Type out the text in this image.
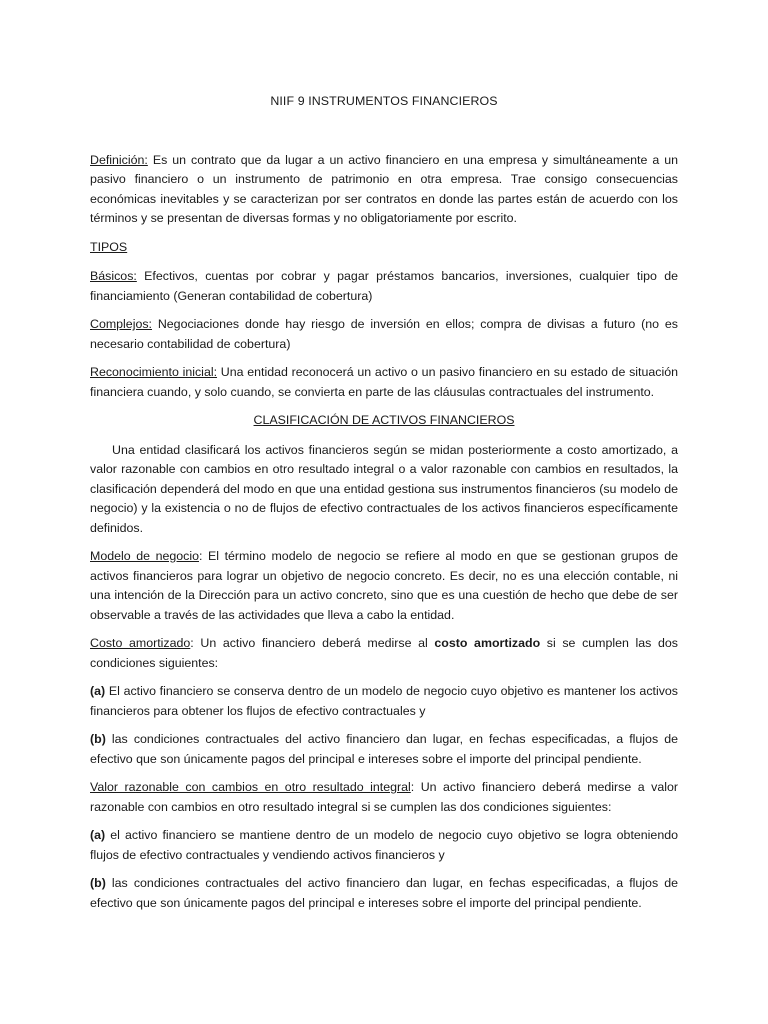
NIIF 9 INSTRUMENTOS FINANCIEROS

Definición: Es un contrato que da lugar a un activo financiero en una empresa y simultáneamente a un pasivo financiero o un instrumento de patrimonio en otra empresa. Trae consigo consecuencias económicas inevitables y se caracterizan por ser contratos en donde las partes están de acuerdo con los términos y se presentan de diversas formas y no obligatoriamente por escrito.

TIPOS

Básicos: Efectivos, cuentas por cobrar y pagar préstamos bancarios, inversiones, cualquier tipo de financiamiento (Generan contabilidad de cobertura)

Complejos: Negociaciones donde hay riesgo de inversión en ellos; compra de divisas a futuro (no es necesario contabilidad de cobertura)

Reconocimiento inicial: Una entidad reconocerá un activo o un pasivo financiero en su estado de situación financiera cuando, y solo cuando, se convierta en parte de las cláusulas contractuales del instrumento.

CLASIFICACIÓN DE ACTIVOS FINANCIEROS

Una entidad clasificará los activos financieros según se midan posteriormente a costo amortizado, a valor razonable con cambios en otro resultado integral o a valor razonable con cambios en resultados, la clasificación dependerá del modo en que una entidad gestiona sus instrumentos financieros (su modelo de negocio) y la existencia o no de flujos de efectivo contractuales de los activos financieros específicamente definidos.

Modelo de negocio: El término modelo de negocio se refiere al modo en que se gestionan grupos de activos financieros para lograr un objetivo de negocio concreto. Es decir, no es una elección contable, ni una intención de la Dirección para un activo concreto, sino que es una cuestión de hecho que debe de ser observable a través de las actividades que lleva a cabo la entidad.

Costo amortizado: Un activo financiero deberá medirse al costo amortizado si se cumplen las dos condiciones siguientes:

(a) El activo financiero se conserva dentro de un modelo de negocio cuyo objetivo es mantener los activos financieros para obtener los flujos de efectivo contractuales y

(b) las condiciones contractuales del activo financiero dan lugar, en fechas especificadas, a flujos de efectivo que son únicamente pagos del principal e intereses sobre el importe del principal pendiente.

Valor razonable con cambios en otro resultado integral: Un activo financiero deberá medirse a valor razonable con cambios en otro resultado integral si se cumplen las dos condiciones siguientes:

(a) el activo financiero se mantiene dentro de un modelo de negocio cuyo objetivo se logra obteniendo flujos de efectivo contractuales y vendiendo activos financieros y

(b) las condiciones contractuales del activo financiero dan lugar, en fechas especificadas, a flujos de efectivo que son únicamente pagos del principal e intereses sobre el importe del principal pendiente.
